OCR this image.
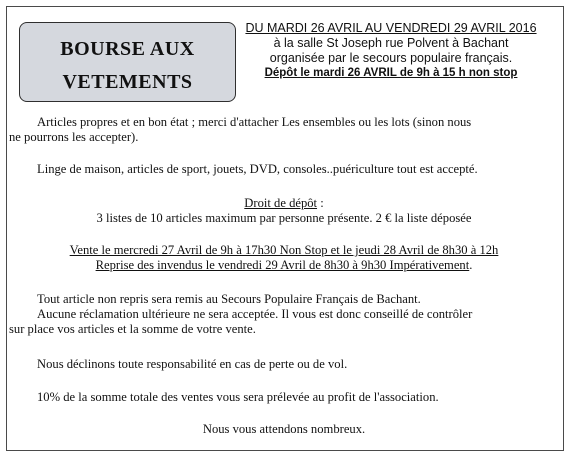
BOURSE AUX
VETEMENTS
DU MARDI 26 AVRIL AU VENDREDI 29 AVRIL 2016
à la salle St Joseph rue Polvent à Bachant
organisée par le secours populaire français.
Dépôt le mardi 26 AVRIL de 9h à 15 h non stop
Articles propres et en bon état ; merci d'attacher Les ensembles ou les lots (sinon nous
ne pourrons les accepter).
Linge de maison, articles de sport, jouets, DVD, consoles..puériculture tout est accepté.
Droit de dépôt :
3 listes de 10 articles maximum par personne présente. 2 € la liste déposée
Vente le mercredi 27 Avril de 9h à 17h30 Non Stop et le jeudi 28 Avril de 8h30 à 12h
Reprise des invendus le vendredi 29 Avril de 8h30 à 9h30 Impérativement.
Tout article non repris sera remis au Secours Populaire Français de Bachant.
Aucune réclamation ultérieure ne sera acceptée. Il vous est donc conseillé de contrôler
sur place vos articles et la somme de votre vente.
Nous déclinons toute responsabilité en cas de perte ou de vol.
10% de la somme totale des ventes vous sera prélevée au profit de l'association.
Nous vous attendons nombreux.
